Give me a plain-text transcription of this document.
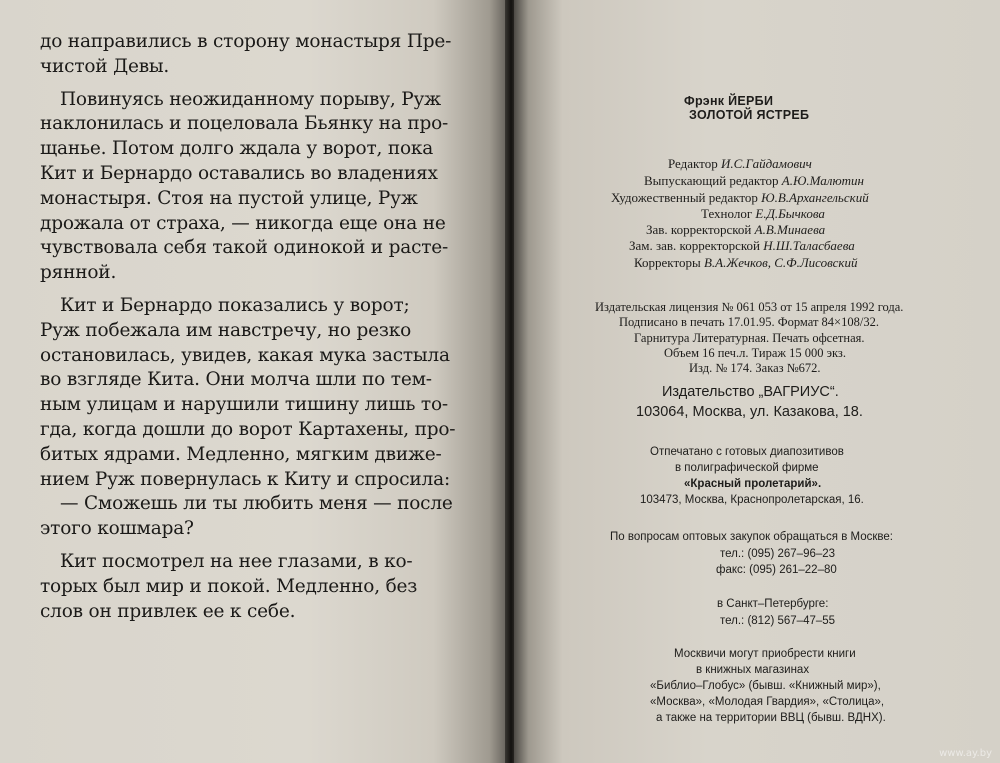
до направились в сторону монастыря Пре-
чистой Девы.
Повинуясь неожиданному порыву, Руж
наклонилась и поцеловала Бьянку на про-
щанье. Потом долго ждала у ворот, пока
Кит и Бернардо оставались во владениях
монастыря. Стоя на пустой улице, Руж
дрожала от страха, — никогда еще она не
чувствовала себя такой одинокой и расте-
рянной.
Кит и Бернардо показались у ворот;
Руж побежала им навстречу, но резко
остановилась, увидев, какая мука застыла
во взгляде Кита. Они молча шли по тем-
ным улицам и нарушили тишину лишь то-
гда, когда дошли до ворот Картахены, про-
битых ядрами. Медленно, мягким движе-
нием Руж повернулась к Киту и спросила:
— Сможешь ли ты любить меня — после
этого кошмара?
Кит посмотрел на нее глазами, в ко-
торых был мир и покой. Медленно, без
слов он привлек ее к себе.
Фрэнк ЙЕРБИ
ЗОЛОТОЙ ЯСТРЕБ
Редактор И.С.Гайдамович
Выпускающий редактор А.Ю.Малютин
Художественный редактор Ю.В.Архангельский
Технолог Е.Д.Бычкова
Зав. корректорской А.В.Минаева
Зам. зав. корректорской Н.Ш.Таласбаева
Корректоры В.А.Жечков, С.Ф.Лисовский
Издательская лицензия № 061 053 от 15 апреля 1992 года.
Подписано в печать 17.01.95. Формат 84×108/32.
Гарнитура Литературная. Печать офсетная.
Объем 16 печ.л. Тираж 15 000 экз.
Изд. № 174. Заказ №672.
Издательство „ВАГРИУС“.
103064, Москва, ул. Казакова, 18.
Отпечатано с готовых диапозитивов
в полиграфической фирме
«Красный пролетарий».
103473, Москва, Краснопролетарская, 16.
По вопросам оптовых закупок обращаться в Москве:
тел.: (095) 267–96–23
факс: (095) 261–22–80
в Санкт–Петербурге:
тел.: (812) 567–47–55
Москвичи могут приобрести книги
в книжных магазинах
«Библио–Глобус» (бывш. «Книжный мир»),
«Москва», «Молодая Гвардия», «Столица»,
а также на территории ВВЦ (бывш. ВДНХ).
www.ay.by
